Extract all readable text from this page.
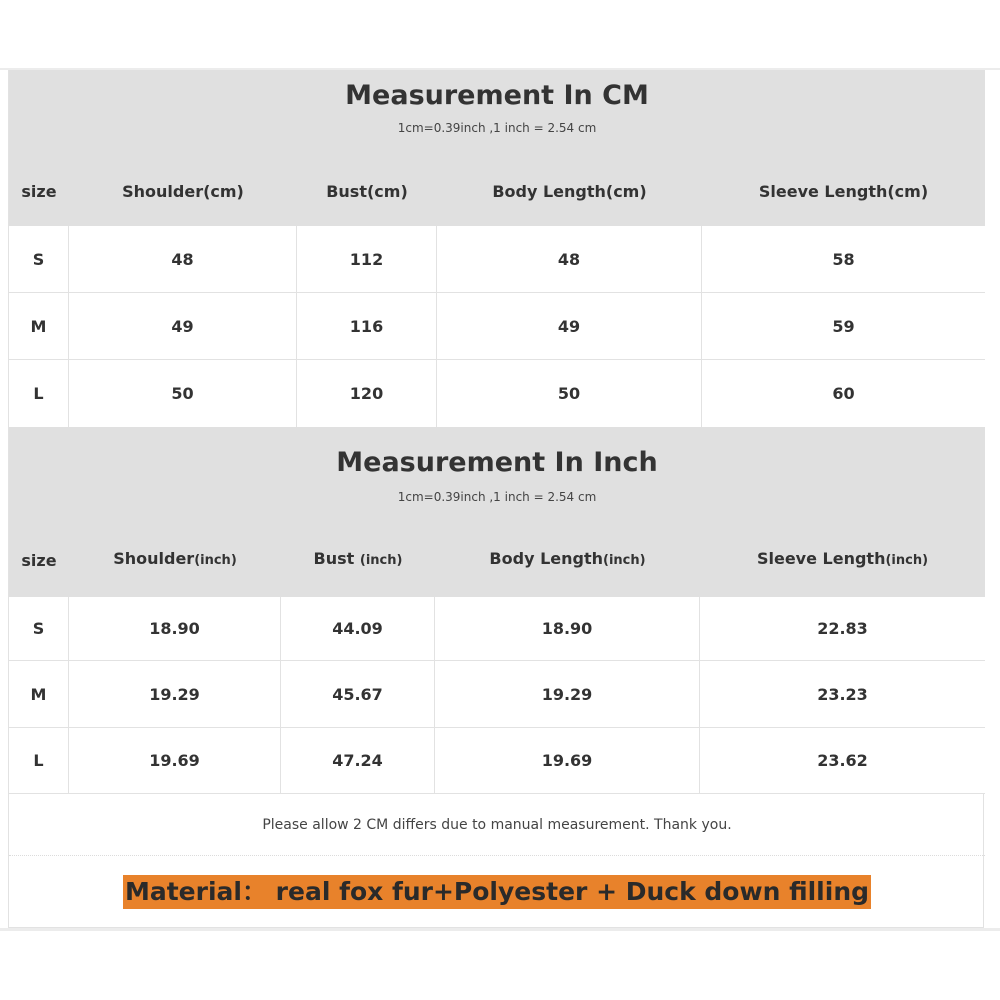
Measurement In CM
1cm=0.39inch ,1 inch = 2.54 cm
size	Shoulder(cm)	Bust(cm)	Body Length(cm)	Sleeve Length(cm)
S	48	112	48	58
M	49	116	49	59
L	50	120	50	60
Measurement In Inch
1cm=0.39inch ,1 inch = 2.54 cm
size	Shoulder(inch)	Bust (inch)	Body Length(inch)	Sleeve Length(inch)
S	18.90	44.09	18.90	22.83
M	19.29	45.67	19.29	23.23
L	19.69	47.24	19.69	23.62
Please allow 2 CM differs due to manual measurement. Thank you.
Material： real fox fur+Polyester + Duck down filling
